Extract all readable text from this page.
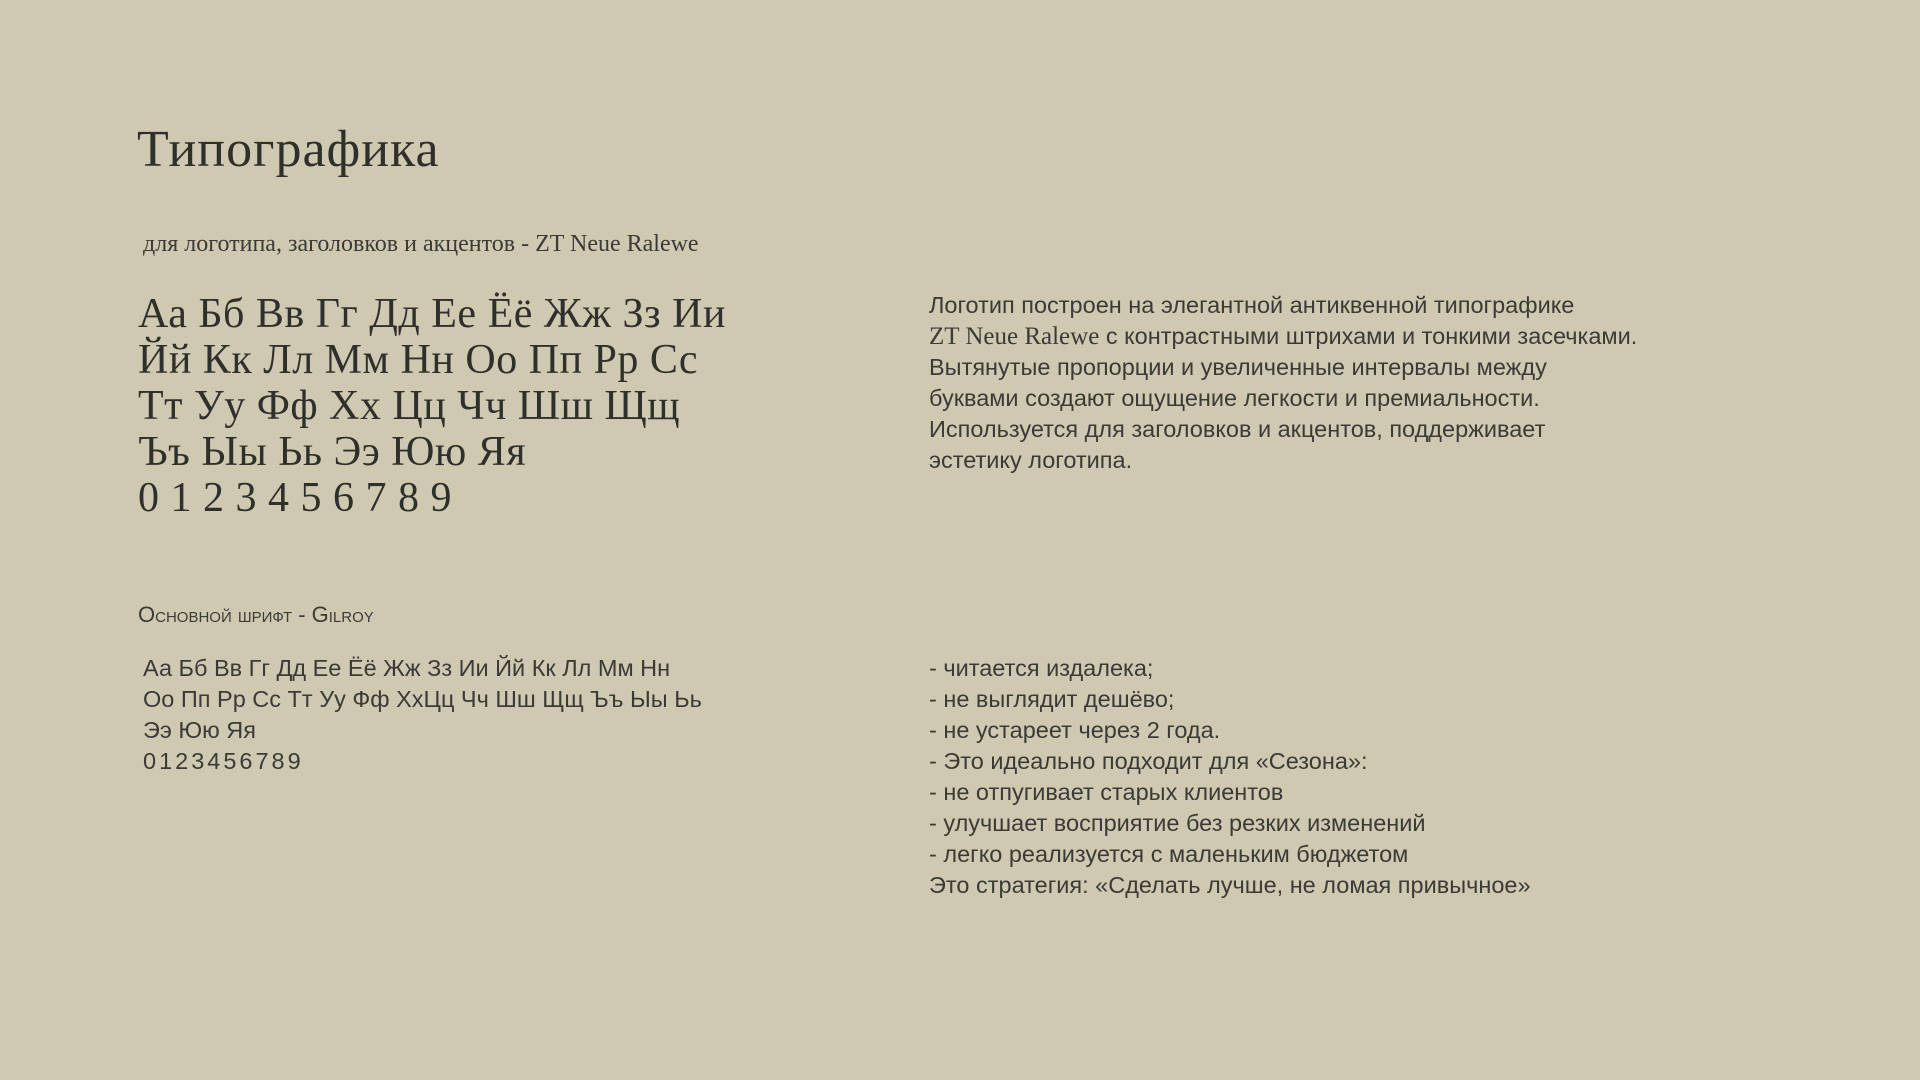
Типографика
для логотипа, заголовков и акцентов - ZT Neue Ralewe
Аа Бб Вв Гг Дд Ее Ёё Жж Зз Ии
Йй Кк Лл Мм Нн Оо Пп Рр Сс
Тт Уу Фф Хх Цц Чч Шш Щщ
Ъъ Ыы Ьь Ээ Юю Яя
0 1 2 3 4 5 6 7 8 9
Логотип построен на элегантной антиквенной типографике
ZT Neue Ralewe с контрастными штрихами и тонкими засечками.
Вытянутые пропорции и увеличенные интервалы между
буквами создают ощущение легкости и премиальности.
Используется для заголовков и акцентов, поддерживает
эстетику логотипа.
Основной шрифт - Gilroy
Аа Бб Вв Гг Дд Ее Ёё Жж Зз Ии Йй Кк Лл Мм Нн
Оо Пп Рр Сс Тт Уу Фф ХхЦц Чч Шш Щщ Ъъ Ыы Ьь
Ээ Юю Яя
0123456789
- читается издалека;
- не выглядит дешёво;
- не устареет через 2 года.
- Это идеально подходит для «Сезона»:
- не отпугивает старых клиентов
- улучшает восприятие без резких изменений
- легко реализуется с маленьким бюджетом
Это стратегия: «Сделать лучше, не ломая привычное»
